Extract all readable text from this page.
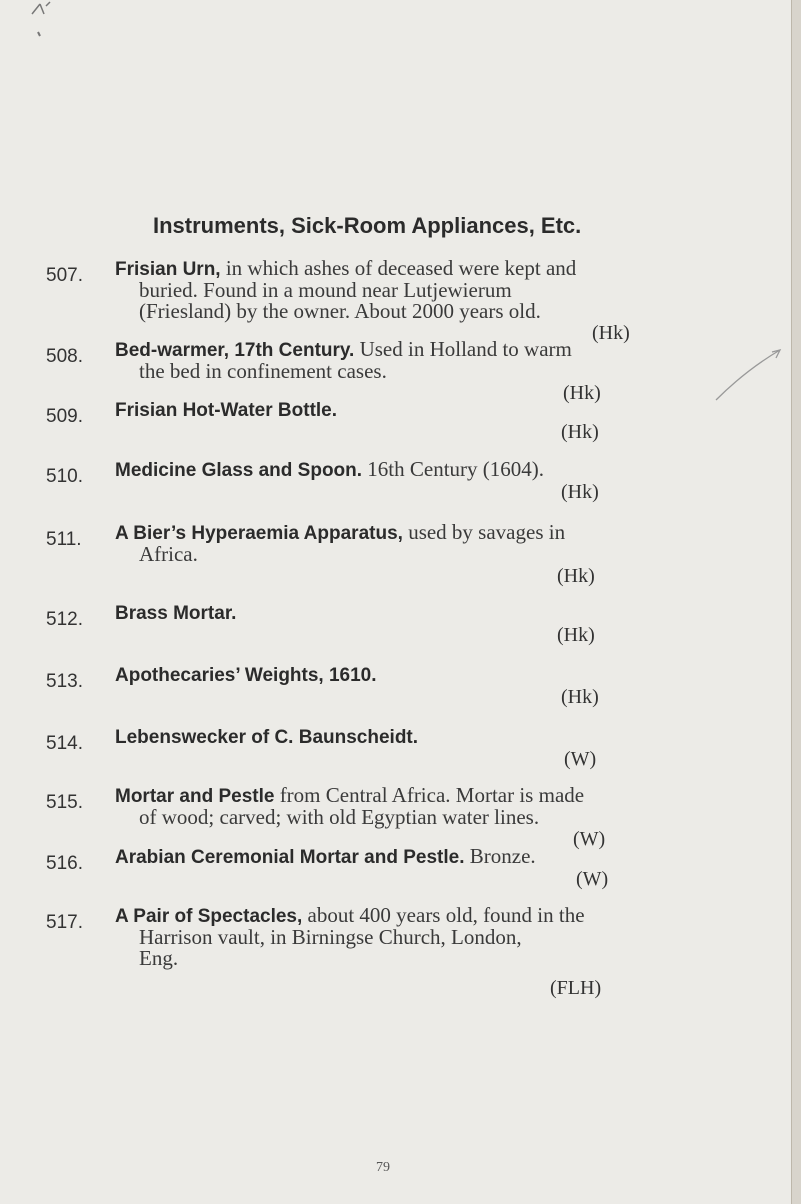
Instruments, Sick-Room Appliances, Etc.
507. Frisian Urn, in which ashes of deceased were kept and
buried. Found in a mound near Lutjewierum
(Friesland) by the owner. About 2000 years old.
(Hk)
508. Bed-warmer, 17th Century. Used in Holland to warm
the bed in confinement cases.
(Hk)
509. Frisian Hot-Water Bottle.
(Hk)
510. Medicine Glass and Spoon. 16th Century (1604).
(Hk)
511. A Bier’s Hyperaemia Apparatus, used by savages in
Africa.
(Hk)
512. Brass Mortar.
(Hk)
513. Apothecaries’ Weights, 1610.
(Hk)
514. Lebenswecker of C. Baunscheidt.
(W)
515. Mortar and Pestle from Central Africa. Mortar is made
of wood; carved; with old Egyptian water lines.
(W)
516. Arabian Ceremonial Mortar and Pestle. Bronze.
(W)
517. A Pair of Spectacles, about 400 years old, found in the
Harrison vault, in Birningse Church, London,
Eng.
(FLH)
79
